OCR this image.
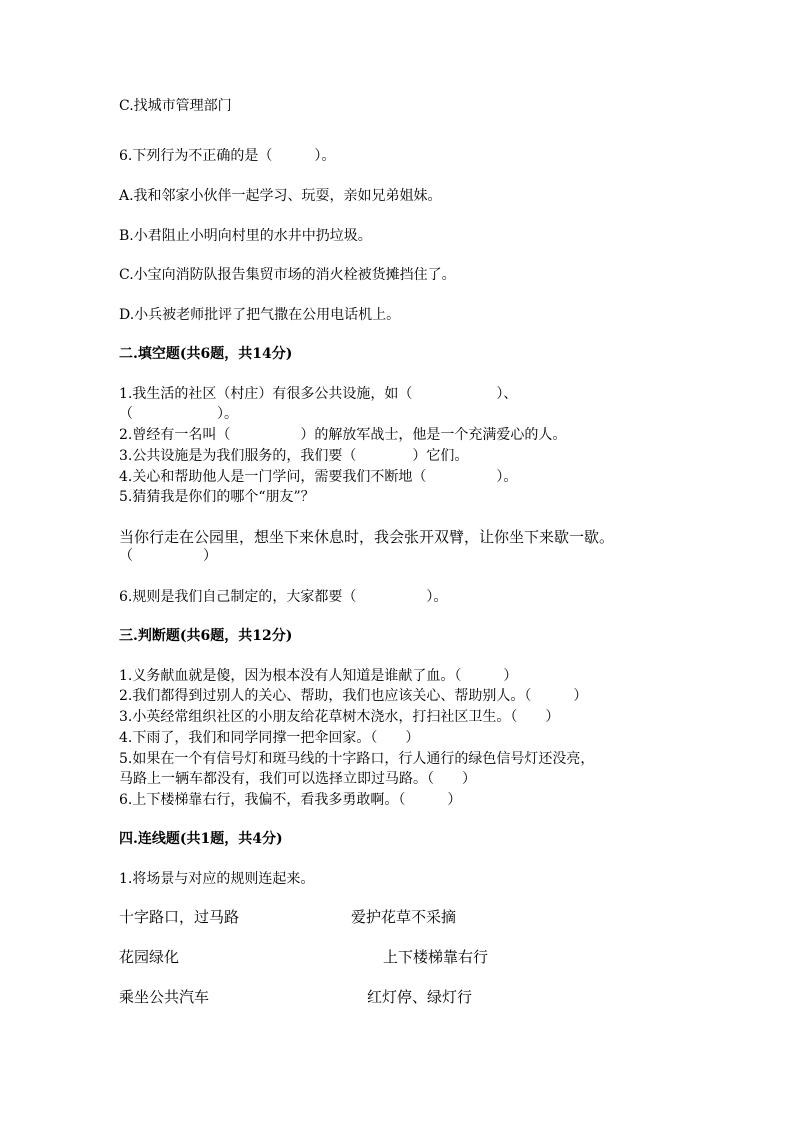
C.找城市管理部门
6.下列行为不正确的是（　　　）。
A.我和邻家小伙伴一起学习、玩耍，亲如兄弟姐妹。
B.小君阻止小明向村里的水井中扔垃圾。
C.小宝向消防队报告集贸市场的消火栓被货摊挡住了。
D.小兵被老师批评了把气撒在公用电话机上。
二.填空题(共6题，共14分)
1.我生活的社区（村庄）有很多公共设施，如（　　　　　　）、
（　　　　　　）。
2.曾经有一名叫（　　　　　）的解放军战士，他是一个充满爱心的人。
3.公共设施是为我们服务的，我们要（　　　　）它们。
4.关心和帮助他人是一门学问，需要我们不断地（　　　　　）。
5.猜猜我是你们的哪个“朋友”？
当你行走在公园里，想坐下来休息时，我会张开双臂，让你坐下来歇一歇。
（　　　　　）
6.规则是我们自己制定的，大家都要（　　　　　）。
三.判断题(共6题，共12分)
1.义务献血就是傻，因为根本没有人知道是谁献了血。（　　　）
2.我们都得到过别人的关心、帮助，我们也应该关心、帮助别人。（　　　）
3.小英经常组织社区的小朋友给花草树木浇水，打扫社区卫生。（　　）
4.下雨了，我们和同学同撑一把伞回家。（　　）
5.如果在一个有信号灯和斑马线的十字路口，行人通行的绿色信号灯还没亮，
马路上一辆车都没有，我们可以选择立即过马路。（　　）
6.上下楼梯靠右行，我偏不，看我多勇敢啊。（　　　）
四.连线题(共1题，共4分)
1.将场景与对应的规则连起来。
十字路口，过马路	爱护花草不采摘
花园绿化	上下楼梯靠右行
乘坐公共汽车	红灯停、绿灯行
